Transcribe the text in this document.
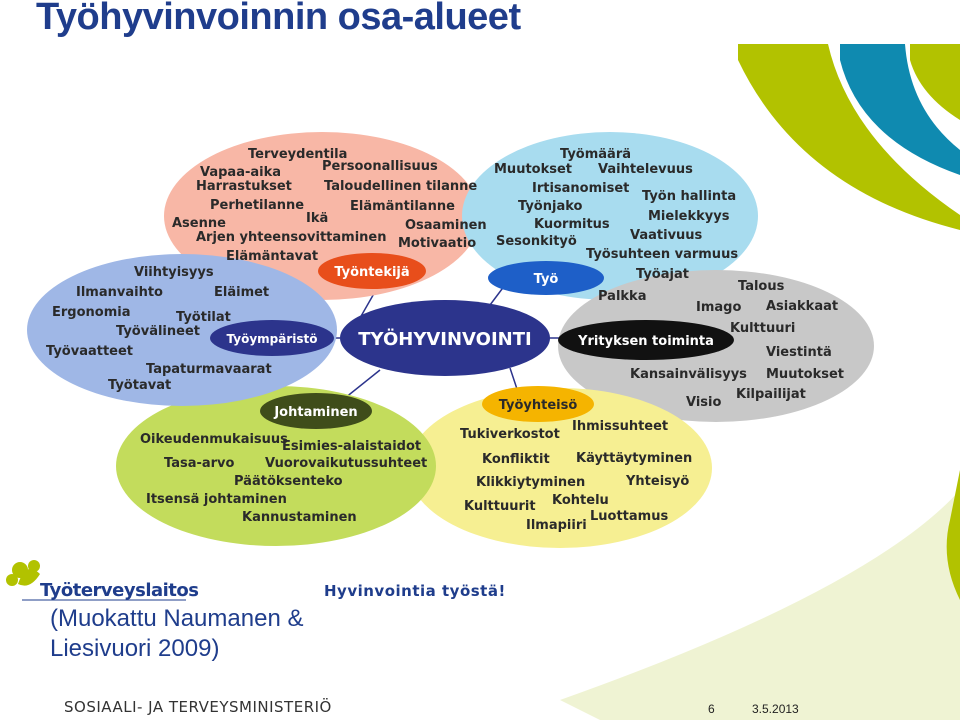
Työhyvinvoinnin osa-alueet
TYÖHYVINVOINTI
Työntekijä	Työ
Yrityksen toiminta
Työyhteisö
Johtaminen
Työympäristö
Terveydentila
Vapaa-aika	Persoonallisuus
Harrastukset Taloudellinen tilanne
Perhetilanne	Elämäntilanne
Asenne	Ikä	Osaaminen
Arjen yhteensovittaminen Motivaatio
Elämäntavat
Työmäärä
Muutokset Vaihtelevuus
Irtisanomiset
Työn hallinta
Työnjako
Mielekkyys
Kuormitus
Vaativuus
Sesonkityö
Työsuhteen varmuus
Työajat
Palkka
Talous
Imago Asiakkaat
Kulttuuri
Viestintä
Kansainvälisyys Muutokset
Kilpailijat
Visio
Ihmissuhteet
Tukiverkostot
Käyttäytyminen
Konfliktit
Yhteisyö
Klikkiytyminen
Kohtelu
Kulttuurit
Luottamus
Ilmapiiri
Oikeudenmukaisuus
Esimies-alaistaidot
Tasa-arvo Vuorovaikutussuhteet
Päätöksenteko
Itsensä johtaminen
Kannustaminen
Viihtyisyys
Ilmanvaihto	Eläimet
Ergonomia	Työtilat
Työvälineet
Työvaatteet
Tapaturmavaarat
Työtavat
Työterveyslaitos	Hyvinvointia työstä!
(Muokattu Naumanen &
Liesivuori 2009)
SOSIAALI- JA TERVEYSMINISTERIÖ	6	3.5.2013
